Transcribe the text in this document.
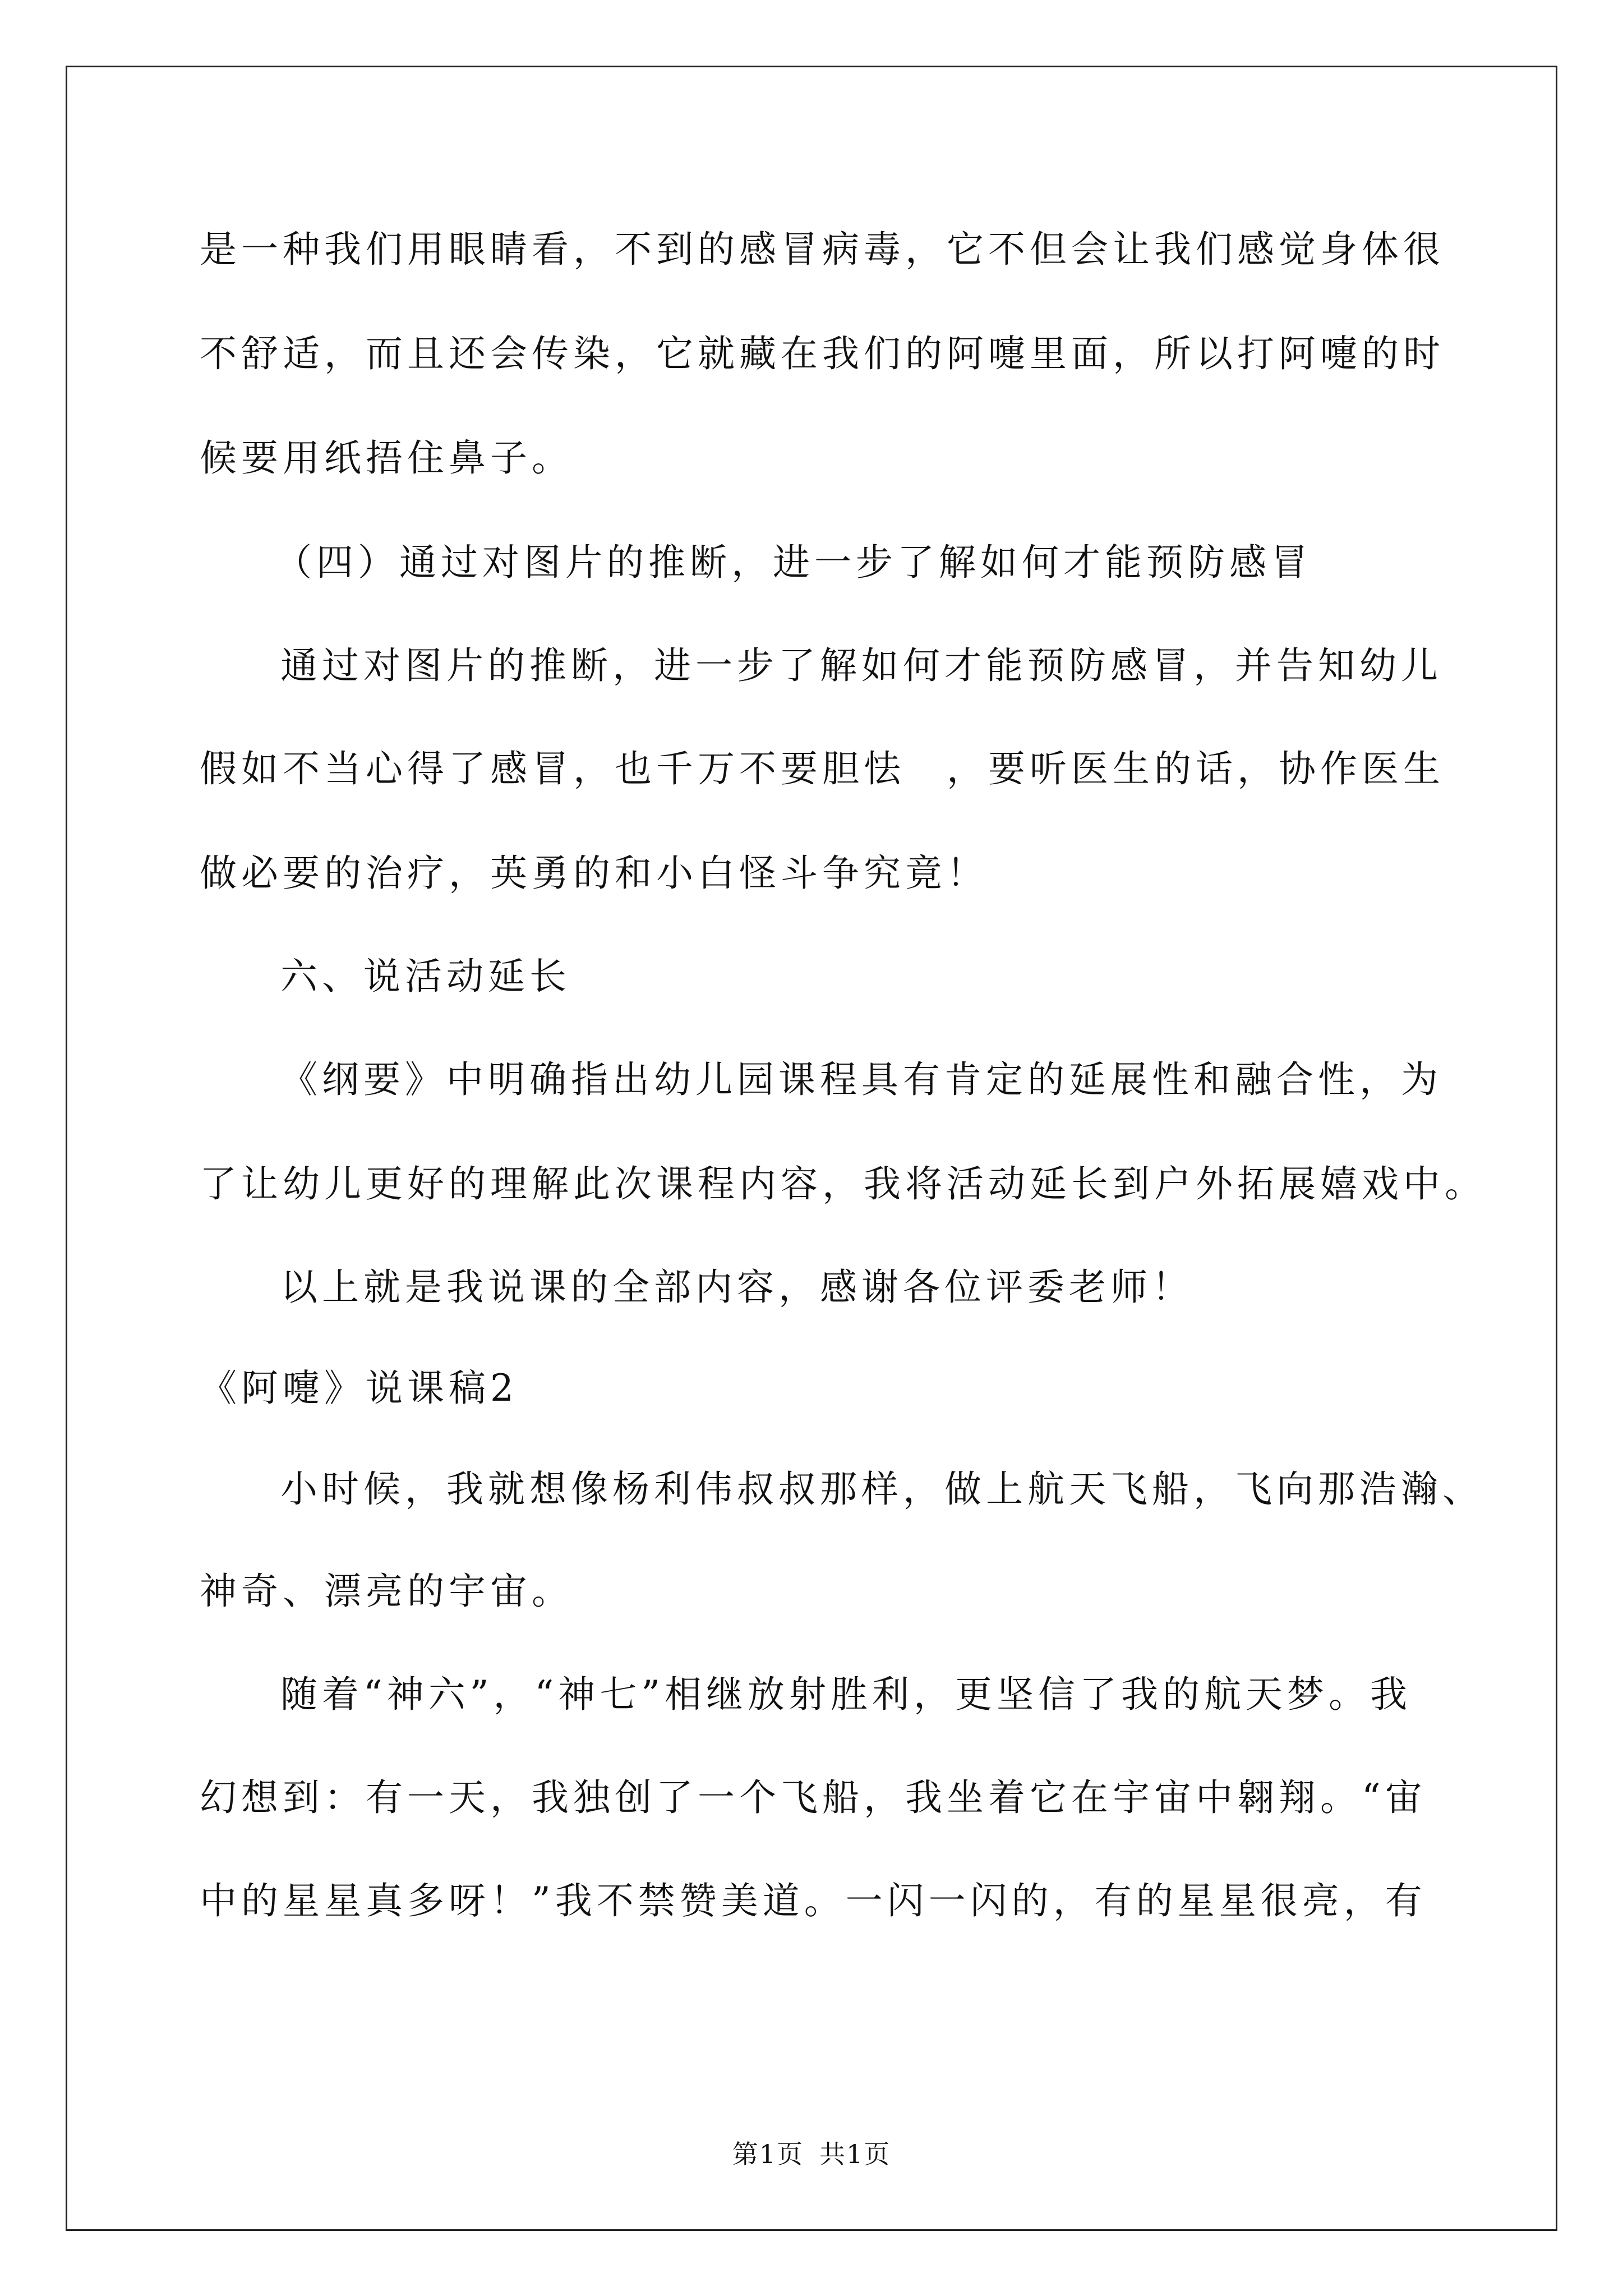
是一种我们用眼睛看，不到的感冒病毒，它不但会让我们感觉身体很

不舒适，而且还会传染，它就藏在我们的阿嚏里面，所以打阿嚏的时

候要用纸捂住鼻子。

（四）通过对图片的推断，进一步了解如何才能预防感冒

通过对图片的推断，进一步了解如何才能预防感冒，并告知幼儿

假如不当心得了感冒，也千万不要胆怯　，要听医生的话，协作医生

做必要的治疗，英勇的和小白怪斗争究竟！

六、说活动延长

《纲要》中明确指出幼儿园课程具有肯定的延展性和融合性，为

了让幼儿更好的理解此次课程内容，我将活动延长到户外拓展嬉戏中。

以上就是我说课的全部内容，感谢各位评委老师！

《阿嚏》说课稿2

小时候，我就想像杨利伟叔叔那样，做上航天飞船，飞向那浩瀚、

神奇、漂亮的宇宙。

随着“神六”，“神七”相继放射胜利，更坚信了我的航天梦。我

幻想到：有一天，我独创了一个飞船，我坐着它在宇宙中翱翔。“宙

中的星星真多呀！”我不禁赞美道。一闪一闪的，有的星星很亮，有

第1页 共1页
